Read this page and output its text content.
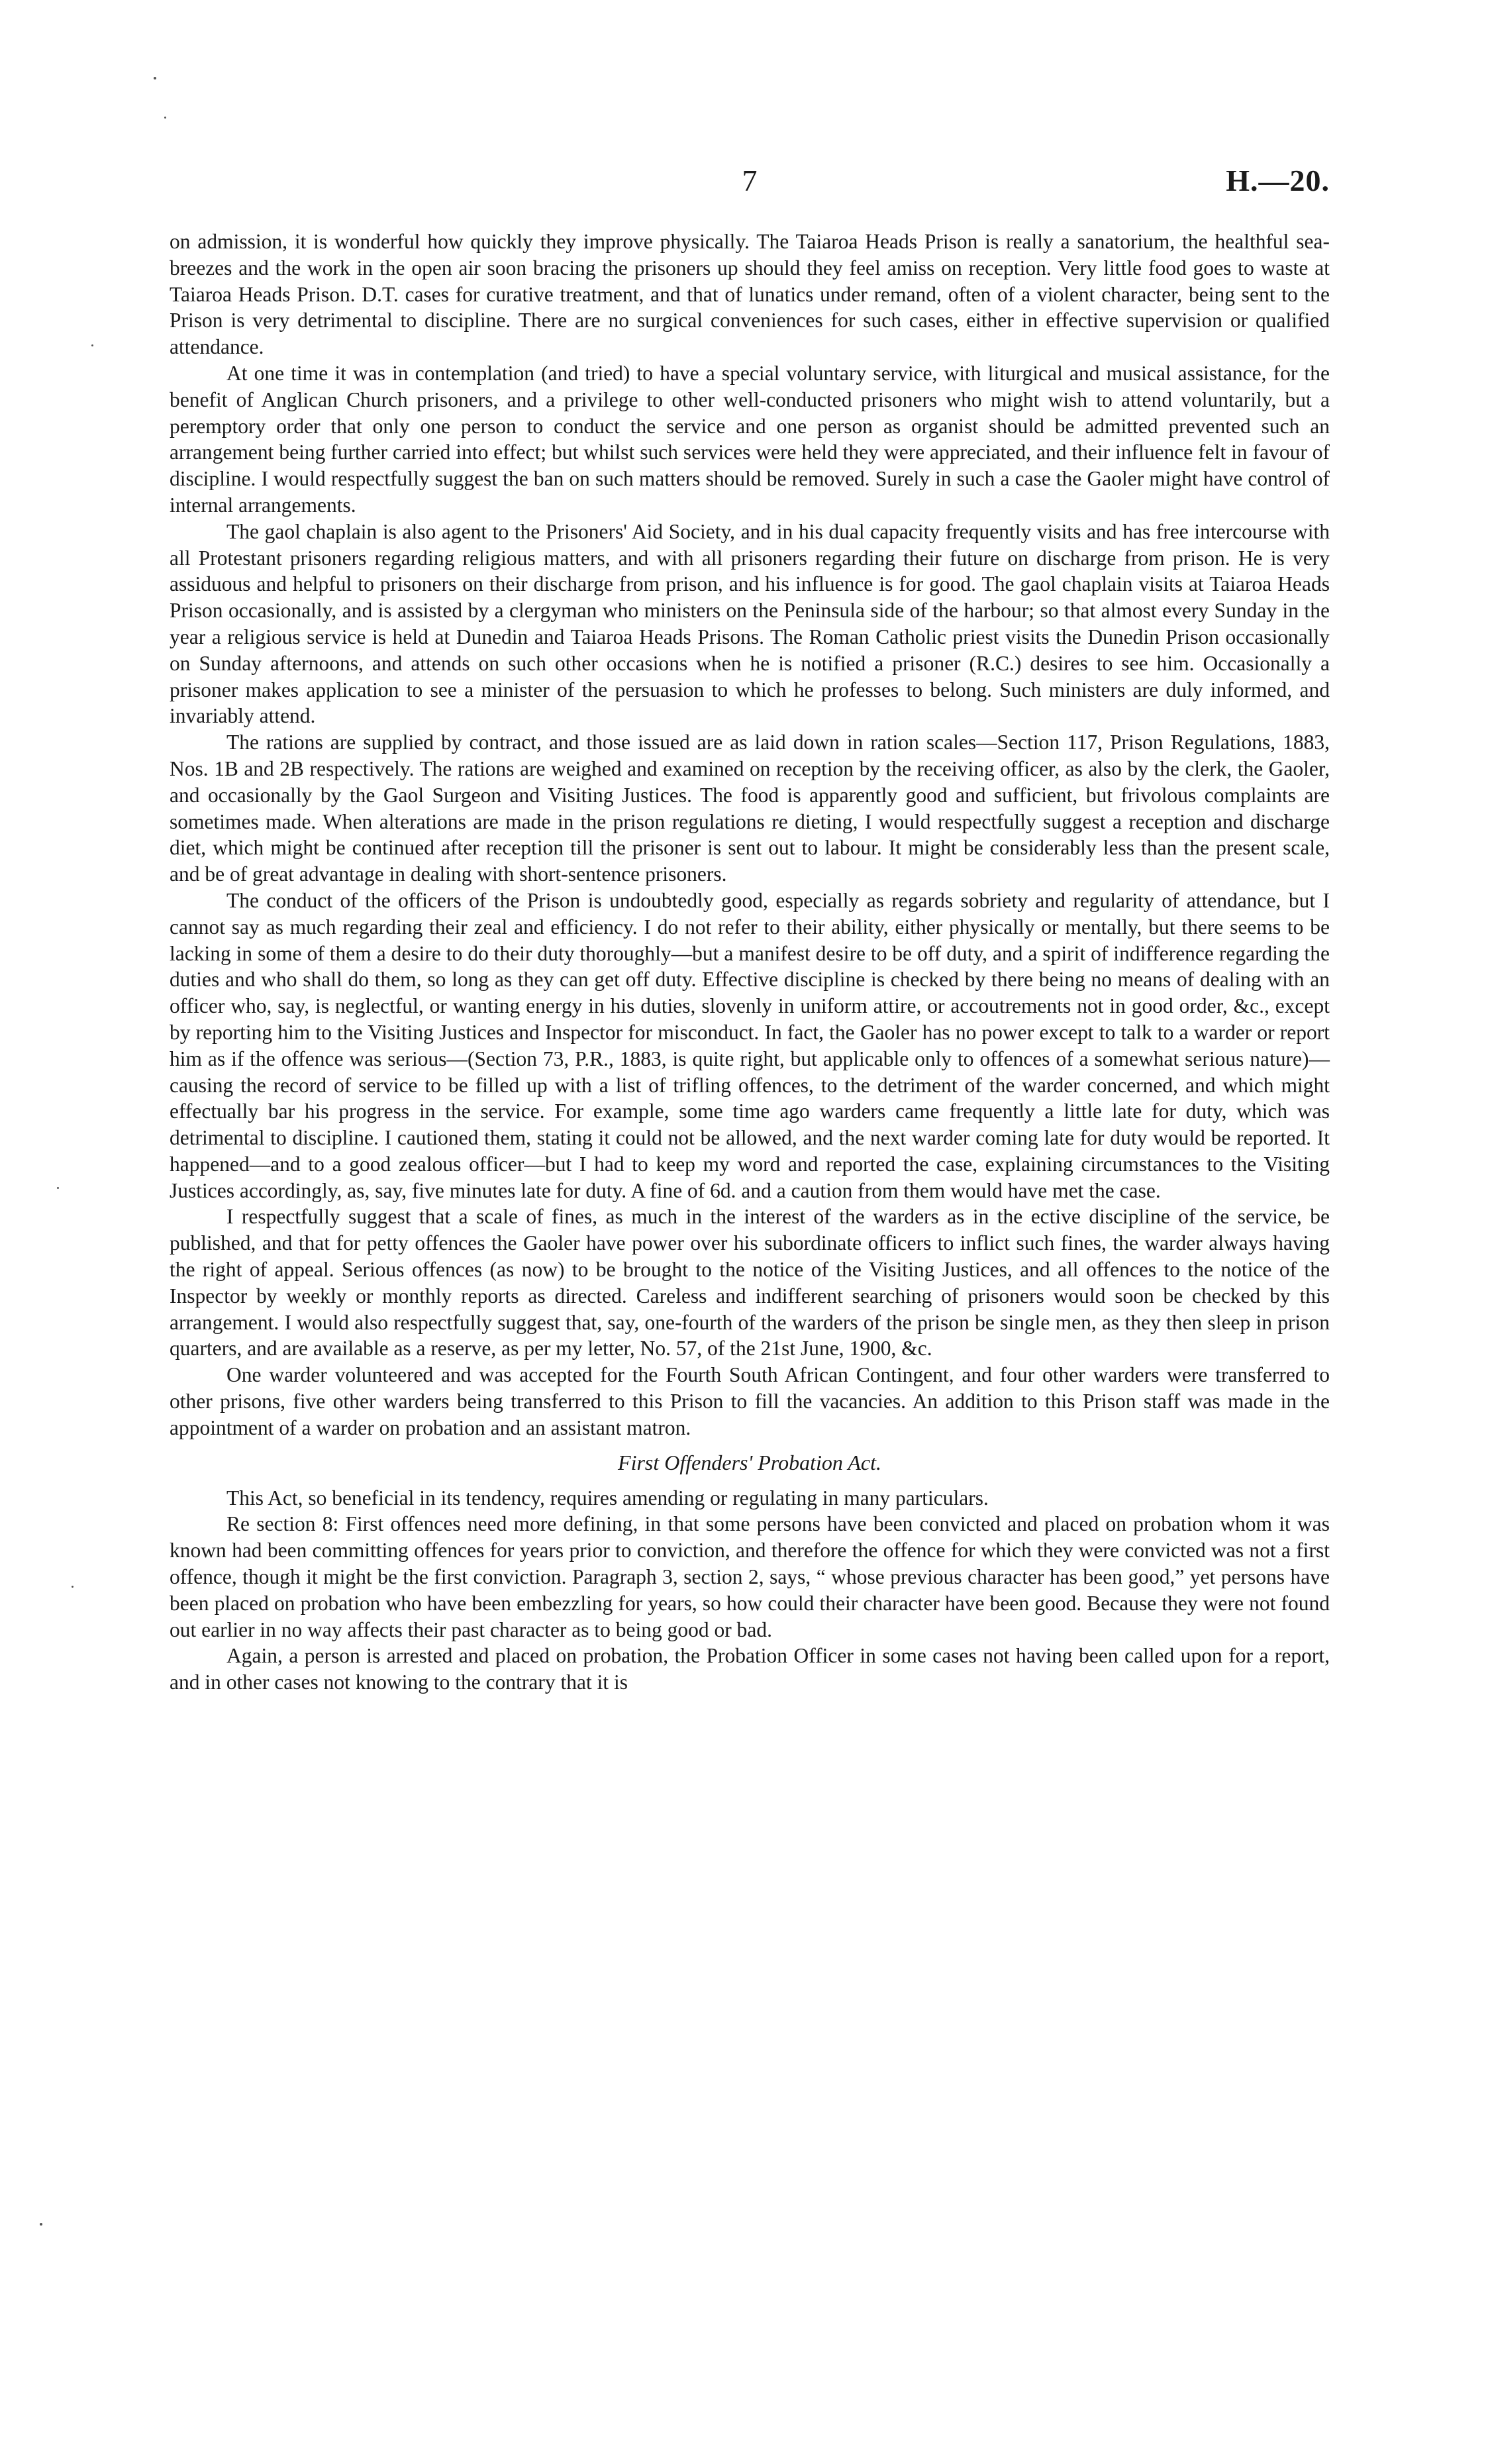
7	H.—20.

on admission, it is wonderful how quickly they improve physically. The Taiaroa Heads Prison is really a sanatorium, the healthful sea-breezes and the work in the open air soon bracing the prisoners up should they feel amiss on reception. Very little food goes to waste at Taiaroa Heads Prison. D.T. cases for curative treatment, and that of lunatics under remand, often of a violent character, being sent to the Prison is very detrimental to discipline. There are no surgical conveniences for such cases, either in effective supervision or qualified attendance.

At one time it was in contemplation (and tried) to have a special voluntary service, with liturgical and musical assistance, for the benefit of Anglican Church prisoners, and a privilege to other well-conducted prisoners who might wish to attend voluntarily, but a peremptory order that only one person to conduct the service and one person as organist should be admitted prevented such an arrangement being further carried into effect; but whilst such services were held they were appreciated, and their influence felt in favour of discipline. I would respectfully suggest the ban on such matters should be removed. Surely in such a case the Gaoler might have control of internal arrangements.

The gaol chaplain is also agent to the Prisoners' Aid Society, and in his dual capacity frequently visits and has free intercourse with all Protestant prisoners regarding religious matters, and with all prisoners regarding their future on discharge from prison. He is very assiduous and helpful to prisoners on their discharge from prison, and his influence is for good. The gaol chaplain visits at Taiaroa Heads Prison occasionally, and is assisted by a clergyman who ministers on the Peninsula side of the harbour; so that almost every Sunday in the year a religious service is held at Dunedin and Taiaroa Heads Prisons. The Roman Catholic priest visits the Dunedin Prison occasionally on Sunday afternoons, and attends on such other occasions when he is notified a prisoner (R.C.) desires to see him. Occasionally a prisoner makes application to see a minister of the persuasion to which he professes to belong. Such ministers are duly informed, and invariably attend.

The rations are supplied by contract, and those issued are as laid down in ration scales—Section 117, Prison Regulations, 1883, Nos. 1B and 2B respectively. The rations are weighed and examined on reception by the receiving officer, as also by the clerk, the Gaoler, and occasionally by the Gaol Surgeon and Visiting Justices. The food is apparently good and sufficient, but frivolous complaints are sometimes made. When alterations are made in the prison regulations re dieting, I would respectfully suggest a reception and discharge diet, which might be continued after reception till the prisoner is sent out to labour. It might be considerably less than the present scale, and be of great advantage in dealing with short-sentence prisoners.

The conduct of the officers of the Prison is undoubtedly good, especially as regards sobriety and regularity of attendance, but I cannot say as much regarding their zeal and efficiency. I do not refer to their ability, either physically or mentally, but there seems to be lacking in some of them a desire to do their duty thoroughly—but a manifest desire to be off duty, and a spirit of indifference regarding the duties and who shall do them, so long as they can get off duty. Effective discipline is checked by there being no means of dealing with an officer who, say, is neglectful, or wanting energy in his duties, slovenly in uniform attire, or accoutrements not in good order, &c., except by reporting him to the Visiting Justices and Inspector for misconduct. In fact, the Gaoler has no power except to talk to a warder or report him as if the offence was serious—(Section 73, P.R., 1883, is quite right, but applicable only to offences of a somewhat serious nature)—causing the record of service to be filled up with a list of trifling offences, to the detriment of the warder concerned, and which might effectually bar his progress in the service. For example, some time ago warders came frequently a little late for duty, which was detrimental to discipline. I cautioned them, stating it could not be allowed, and the next warder coming late for duty would be reported. It happened—and to a good zealous officer—but I had to keep my word and reported the case, explaining circumstances to the Visiting Justices accordingly, as, say, five minutes late for duty. A fine of 6d. and a caution from them would have met the case.

I respectfully suggest that a scale of fines, as much in the interest of the warders as in the ective discipline of the service, be published, and that for petty offences the Gaoler have power over his subordinate officers to inflict such fines, the warder always having the right of appeal. Serious offences (as now) to be brought to the notice of the Visiting Justices, and all offences to the notice of the Inspector by weekly or monthly reports as directed. Careless and indifferent searching of prisoners would soon be checked by this arrangement. I would also respectfully suggest that, say, one-fourth of the warders of the prison be single men, as they then sleep in prison quarters, and are available as a reserve, as per my letter, No. 57, of the 21st June, 1900, &c.

One warder volunteered and was accepted for the Fourth South African Contingent, and four other warders were transferred to other prisons, five other warders being transferred to this Prison to fill the vacancies. An addition to this Prison staff was made in the appointment of a warder on probation and an assistant matron.

First Offenders' Probation Act.

This Act, so beneficial in its tendency, requires amending or regulating in many particulars.

Re section 8: First offences need more defining, in that some persons have been convicted and placed on probation whom it was known had been committing offences for years prior to conviction, and therefore the offence for which they were convicted was not a first offence, though it might be the first conviction. Paragraph 3, section 2, says, “ whose previous character has been good,” yet persons have been placed on probation who have been embezzling for years, so how could their character have been good. Because they were not found out earlier in no way affects their past character as to being good or bad.

Again, a person is arrested and placed on probation, the Probation Officer in some cases not having been called upon for a report, and in other cases not knowing to the contrary that it is
